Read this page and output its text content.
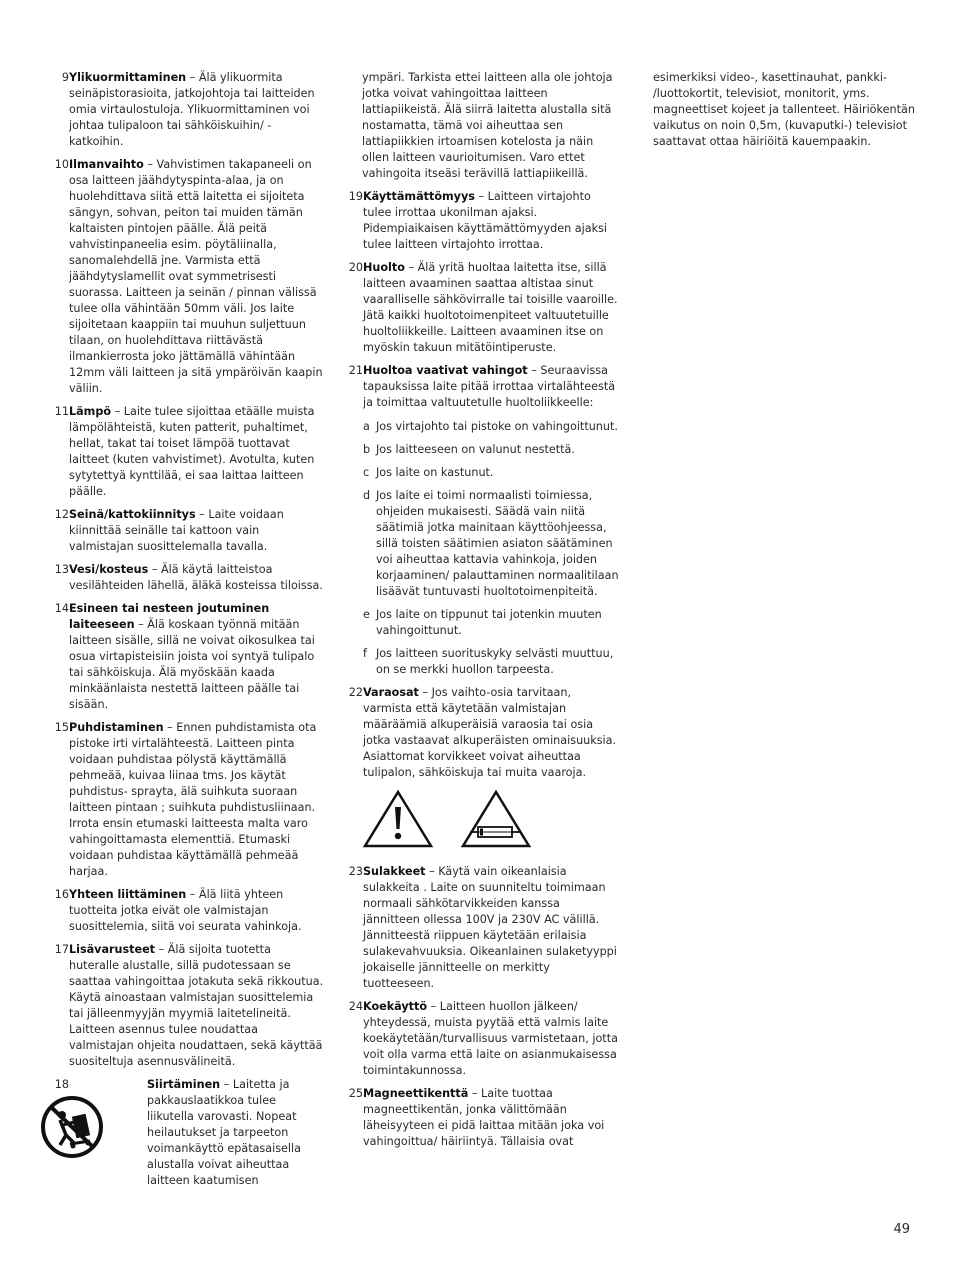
9 Ylikuormittaminen – Älä ylikuormita seinäpistorasioita, jatkojohtoja tai laitteiden omia virtaulostuloja. Ylikuormittaminen voi johtaa tulipaloon tai sähköiskuihin/ -katkoihin.
10 Ilmanvaihto – Vahvistimen takapaneeli on osa laitteen jäähdytyspinta-alaa, ja on huolehdittava siitä että laitetta ei sijoiteta sängyn, sohvan, peiton tai muiden tämän kaltaisten pintojen päälle. Älä peitä vahvistinpaneelia esim. pöytäliinalla, sanomalehdellä jne. Varmista että jäähdytyslamellit ovat symmetrisesti suorassa. Laitteen ja seinän / pinnan välissä tulee olla vähintään 50mm väli. Jos laite sijoitetaan kaappiin tai muuhun suljettuun tilaan, on huolehdittava riittävästä ilmankierrosta joko jättämällä vähintään 12mm väli laitteen ja sitä ympäröivän kaapin väliin.
11 Lämpö – Laite tulee sijoittaa etäälle muista lämpölähteistä, kuten patterit, puhaltimet, hellat, takat tai toiset lämpöä tuottavat laitteet (kuten vahvistimet). Avotulta, kuten sytytettyä kynttilää, ei saa laittaa laitteen päälle.
12 Seinä/kattokiinnitys – Laite voidaan kiinnittää seinälle tai kattoon vain valmistajan suosittelemalla tavalla.
13 Vesi/kosteus – Älä käytä laitteistoa vesilähteiden lähellä, äläkä kosteissa tiloissa.
14 Esineen tai nesteen joutuminen laiteeseen – Älä koskaan työnnä mitään laitteen sisälle, sillä ne voivat oikosulkea tai osua virtapisteisiin joista voi syntyä tulipalo tai sähköiskuja. Älä myöskään kaada minkäänlaista nestettä laitteen päälle tai sisään.
15 Puhdistaminen – Ennen puhdistamista ota pistoke irti virtalähteestä. Laitteen pinta voidaan puhdistaa pölystä käyttämällä pehmeää, kuivaa liinaa tms. Jos käytät puhdistus- sprayta, älä suihkuta suoraan laitteen pintaan ; suihkuta puhdistusliinaan. Irrota ensin etumaski laitteesta malta varo vahingoittamasta elementtiä. Etumaski voidaan puhdistaa käyttämällä pehmeää harjaa.
16 Yhteen liittäminen – Älä liitä yhteen tuotteita jotka eivät ole valmistajan suosittelemia, siitä voi seurata vahinkoja.
17 Lisävarusteet – Älä sijoita tuotetta huteralle alustalle, sillä pudotessaan se saattaa vahingoittaa jotakuta sekä rikkoutua. Käytä ainoastaan valmistajan suosittelemia tai jälleenmyyjän myymiä laitetelineitä. Laitteen asennus tulee noudattaa valmistajan ohjeita noudattaen, sekä käyttää suositeltuja asennusvälineitä.
18	Siirtäminen – Laitetta ja pakkauslaatikkoa tulee liikutella varovasti. Nopeat heilautukset ja tarpeeton voimankäyttö epätasaisella alustalla voivat aiheuttaa laitteen kaatumisen
ympäri. Tarkista ettei laitteen alla ole johtoja jotka voivat vahingoittaa laitteen lattiapiikeistä. Älä siirrä laitetta alustalla sitä nostamatta, tämä voi aiheuttaa sen lattiapiikkien irtoamisen kotelosta ja näin ollen laitteen vaurioitumisen. Varo ettet vahingoita itseäsi terävillä lattiapiikeillä.
19 Käyttämättömyys – Laitteen virtajohto tulee irrottaa ukonilman ajaksi. Pidempiaikaisen käyttämättömyyden ajaksi tulee laitteen virtajohto irrottaa.
20 Huolto – Älä yritä huoltaa laitetta itse, sillä laitteen avaaminen saattaa altistaa sinut vaaralliselle sähkövirralle tai toisille vaaroille. Jätä kaikki huoltotoimenpiteet valtuutetuille huoltoliikkeille. Laitteen avaaminen itse on myöskin takuun mitätöintiperuste.
21 Huoltoa vaativat vahingot – Seuraavissa tapauksissa laite pitää irrottaa virtalähteestä ja toimittaa valtuutetulle huoltoliikkeelle:
a Jos virtajohto tai pistoke on vahingoittunut.
b Jos laitteeseen on valunut nestettä.
c Jos laite on kastunut.
d Jos laite ei toimi normaalisti toimiessa, ohjeiden mukaisesti. Säädä vain niitä säätimiä jotka mainitaan käyttöohjeessa, sillä toisten säätimien asiaton säätäminen voi aiheuttaa kattavia vahinkoja, joiden korjaaminen/ palauttaminen normaalitilaan lisäävät tuntuvasti huoltotoimenpiteitä.
e Jos laite on tippunut tai jotenkin muuten vahingoittunut.
f Jos laitteen suorituskyky selvästi muuttuu, on se merkki huollon tarpeesta.
22 Varaosat – Jos vaihto-osia tarvitaan, varmista että käytetään valmistajan määräämiä alkuperäisiä varaosia tai osia jotka vastaavat alkuperäisten ominaisuuksia. Asiattomat korvikkeet voivat aiheuttaa tulipalon, sähköiskuja tai muita vaaroja.
23 Sulakkeet – Käytä vain oikeanlaisia sulakkeita . Laite on suunniteltu toimimaan normaali sähkötarvikkeiden kanssa jännitteen ollessa 100V ja 230V AC välillä. Jännitteestä riippuen käytetään erilaisia sulakevahvuuksia. Oikeanlainen sulaketyyppi jokaiselle jännitteelle on merkitty tuotteeseen.
24 Koekäyttö – Laitteen huollon jälkeen/ yhteydessä, muista pyytää että valmis laite koekäytetään/turvallisuus varmistetaan, jotta voit olla varma että laite on asianmukaisessa toimintakunnossa.
25 Magneettikenttä – Laite tuottaa magneettikentän, jonka välittömään läheisyyteen ei pidä laittaa mitään joka voi vahingoittua/ häiriintyä. Tällaisia ovat
esimerkiksi video-, kasettinauhat, pankki- /luottokortit, televisiot, monitorit, yms. magneettiset kojeet ja tallenteet. Häiriökentän vaikutus on noin 0,5m, (kuvaputki-) televisiot saattavat ottaa häiriöitä kauempaakin.
49
